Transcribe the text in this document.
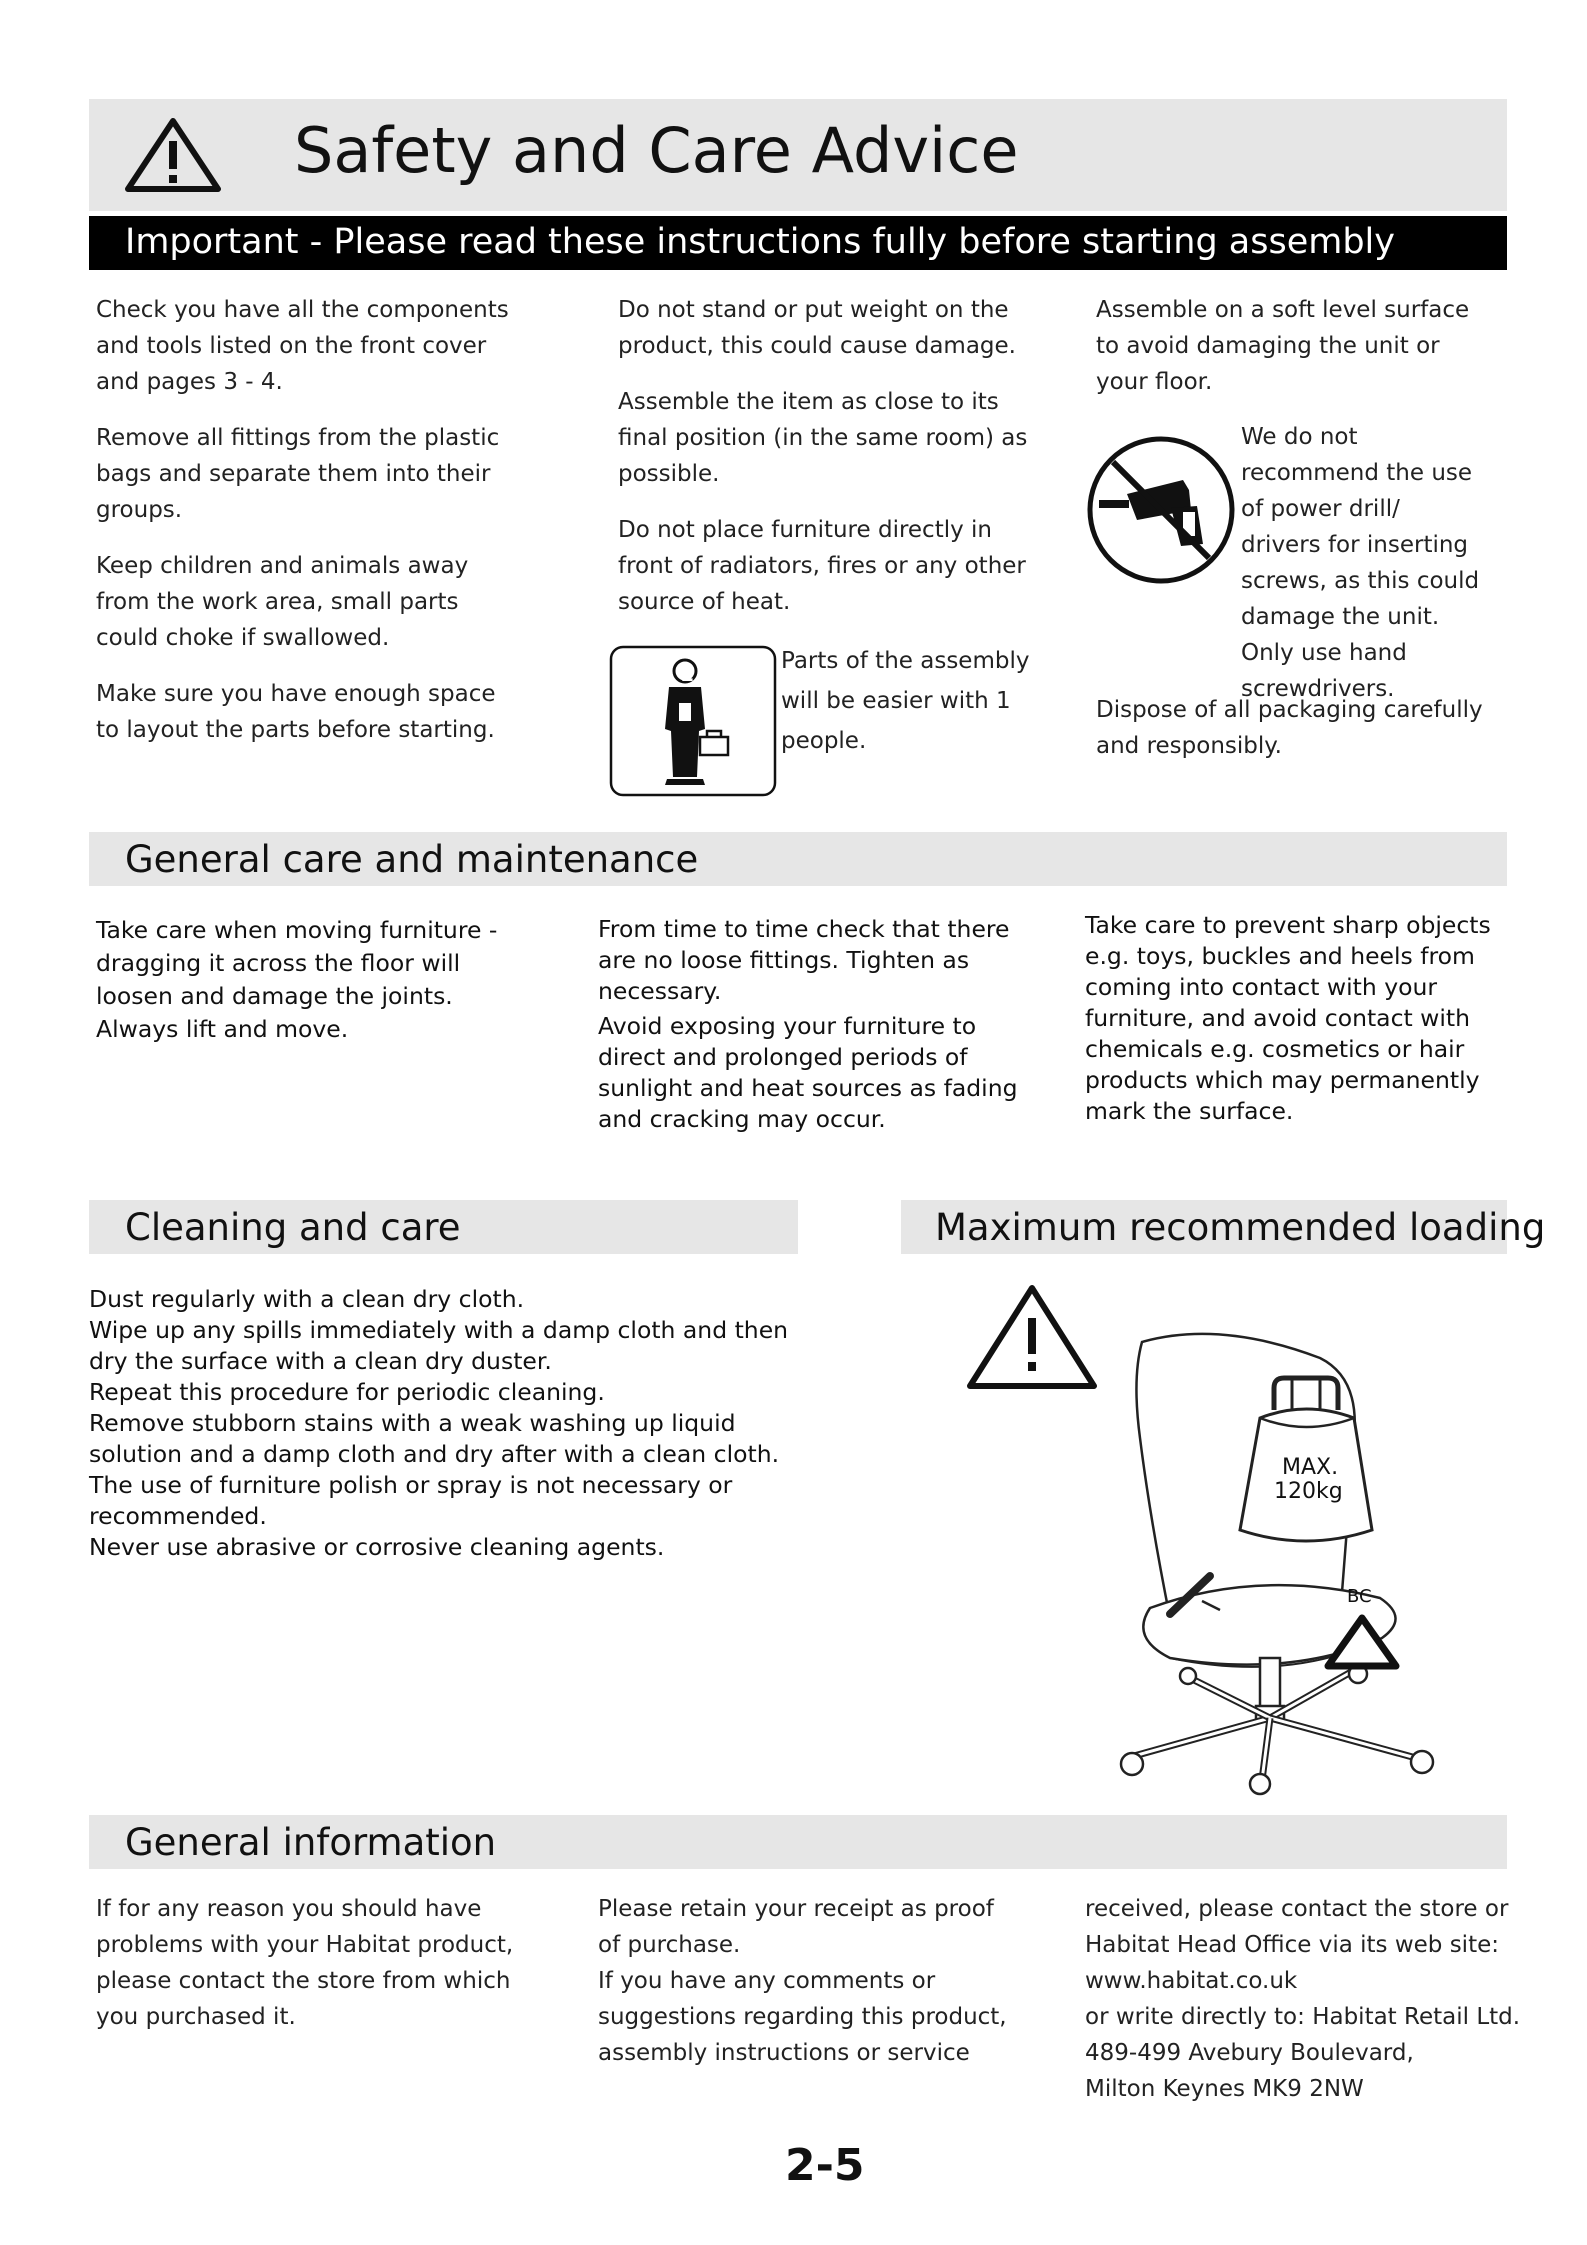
Safety and Care Advice
Important - Please read these instructions fully before starting assembly

Check you have all the components and tools listed on the front cover and pages 3 - 4.

Remove all fittings from the plastic bags and separate them into their groups.

Keep children and animals away from the work area, small parts could choke if swallowed.

Make sure you have enough space to layout the parts before starting.

Do not stand or put weight on the product, this could cause damage.

Assemble the item as close to its final position (in the same room) as possible.

Do not place furniture directly in front of radiators, fires or any other source of heat.

1	Parts of the assembly will be easier with 1 people.
Assemble on a soft level surface to avoid damaging the unit or your floor.
We do not recommend the use of power drill/ drivers for inserting screws, as this could damage the unit. Only use hand screwdrivers.
Dispose of all packaging carefully and responsibly.
General care and maintenance
Take care when moving furniture - dragging it across the floor will loosen and damage the joints. Always lift and move.

From time to time check that there are no loose fittings. Tighten as necessary.

Avoid exposing your furniture to direct and prolonged periods of sunlight and heat sources as fading and cracking may occur.

Take care to prevent sharp objects e.g. toys, buckles and heels from coming into contact with your furniture, and avoid contact with chemicals e.g. cosmetics or hair products which may permanently mark the surface.
Cleaning and care

Dust regularly with a clean dry cloth.

Wipe up any spills immediately with a damp cloth and then dry the surface with a clean dry duster.

Repeat this procedure for periodic cleaning.

Remove stubborn stains with a weak washing up liquid solution and a damp cloth and dry after with a clean cloth.

The use of furniture polish or spray is not necessary or recommended.

Never use abrasive or corrosive cleaning agents.

Maximum recommended loading
MAX.
120kg
BC
General information
If for any reason you should have problems with your Habitat product, please contact the store from which you purchased it.

Please retain your receipt as proof of purchase.

If you have any comments or suggestions regarding this product, assembly instructions or service

received, please contact the store or

Habitat Head Office via its web site:

www.habitat.co.uk

or write directly to: Habitat Retail Ltd.

489-499 Avebury Boulevard,

Milton Keynes MK9 2NW

2-5
